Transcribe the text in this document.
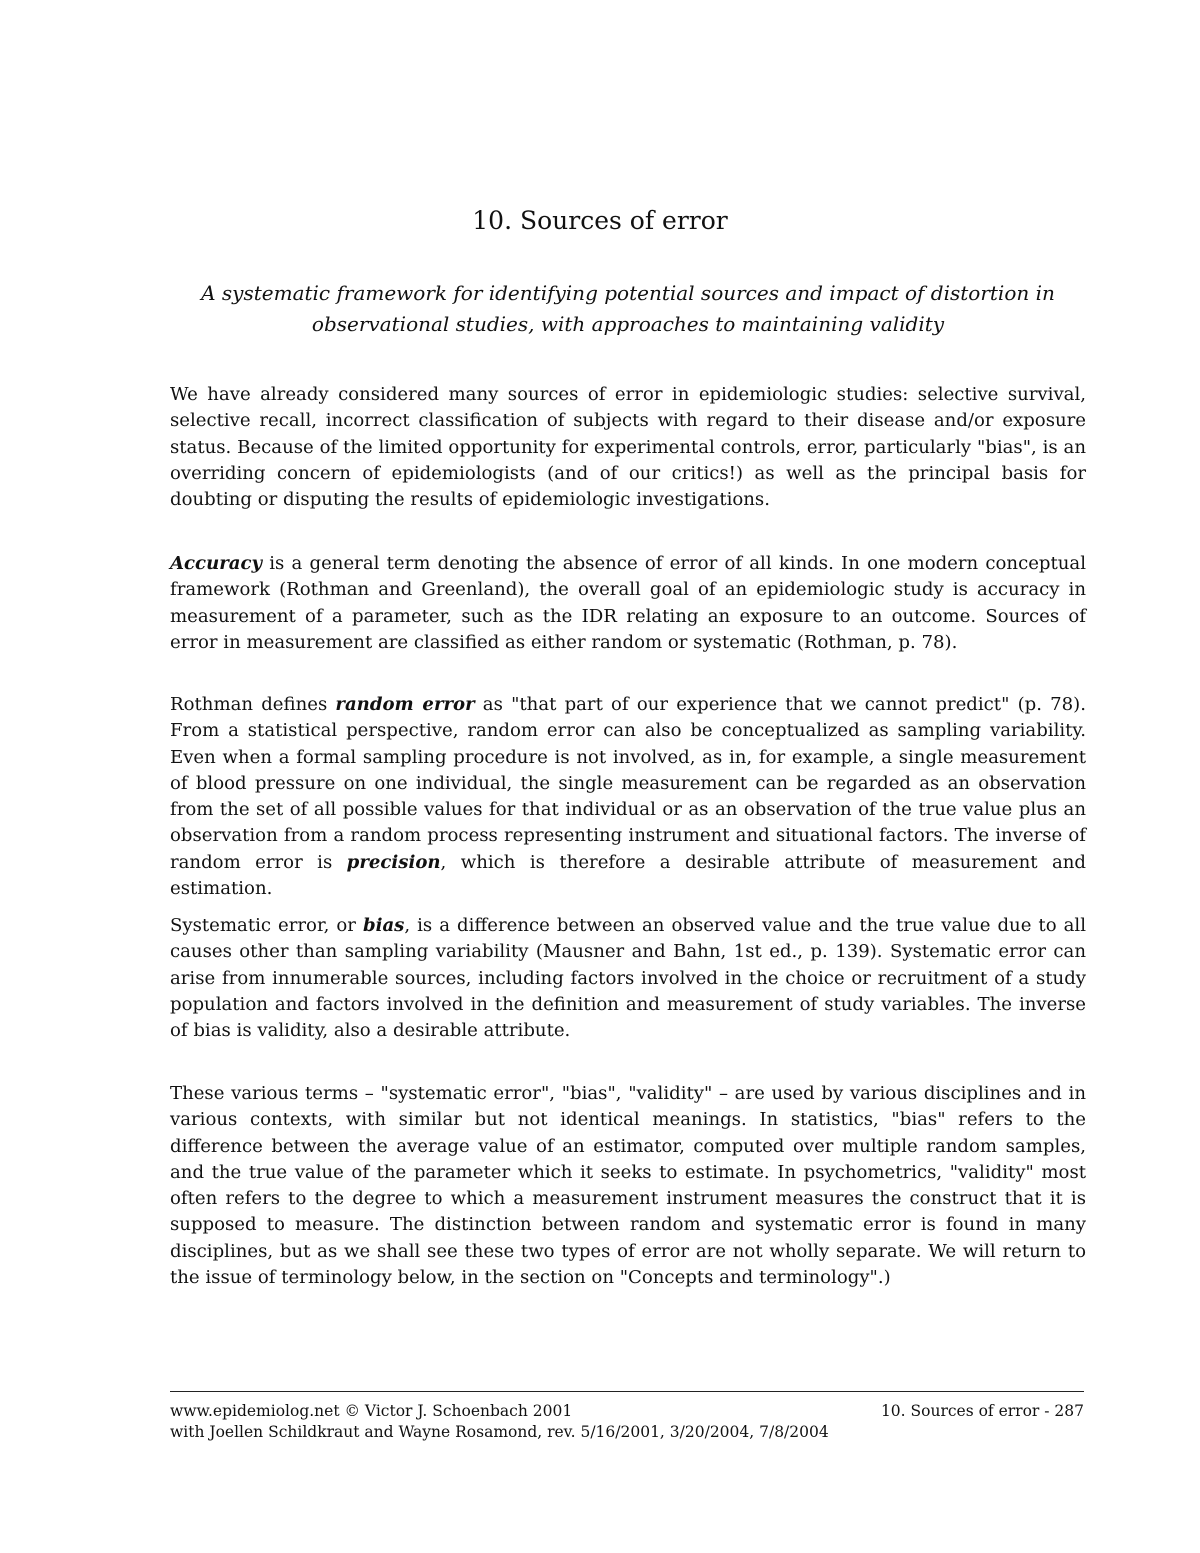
10. Sources of error
A systematic framework for identifying potential sources and impact of distortion in
observational studies, with approaches to maintaining validity

We have already considered many sources of error in epidemiologic studies: selective survival, selective recall, incorrect classification of subjects with regard to their disease and/or exposure status. Because of the limited opportunity for experimental controls, error, particularly "bias", is an overriding concern of epidemiologists (and of our critics!) as well as the principal basis for doubting or disputing the results of epidemiologic investigations.

Accuracy is a general term denoting the absence of error of all kinds. In one modern conceptual framework (Rothman and Greenland), the overall goal of an epidemiologic study is accuracy in measurement of a parameter, such as the IDR relating an exposure to an outcome. Sources of error in measurement are classified as either random or systematic (Rothman, p. 78).

Rothman defines random error as "that part of our experience that we cannot predict" (p. 78). From a statistical perspective, random error can also be conceptualized as sampling variability. Even when a formal sampling procedure is not involved, as in, for example, a single measurement of blood pressure on one individual, the single measurement can be regarded as an observation from the set of all possible values for that individual or as an observation of the true value plus an observation from a random process representing instrument and situational factors. The inverse of random error is precision, which is therefore a desirable attribute of measurement and estimation.

Systematic error, or bias, is a difference between an observed value and the true value due to all causes other than sampling variability (Mausner and Bahn, 1st ed., p. 139). Systematic error can arise from innumerable sources, including factors involved in the choice or recruitment of a study population and factors involved in the definition and measurement of study variables. The inverse of bias is validity, also a desirable attribute.

These various terms – "systematic error", "bias", "validity" – are used by various disciplines and in various contexts, with similar but not identical meanings. In statistics, "bias" refers to the difference between the average value of an estimator, computed over multiple random samples, and the true value of the parameter which it seeks to estimate. In psychometrics, "validity" most often refers to the degree to which a measurement instrument measures the construct that it is supposed to measure. The distinction between random and systematic error is found in many disciplines, but as we shall see these two types of error are not wholly separate. We will return to the issue of terminology below, in the section on "Concepts and terminology".)

www.epidemiolog.net © Victor J. Schoenbach 2001	10. Sources of error - 287
with Joellen Schildkraut and Wayne Rosamond, rev. 5/16/2001, 3/20/2004, 7/8/2004
